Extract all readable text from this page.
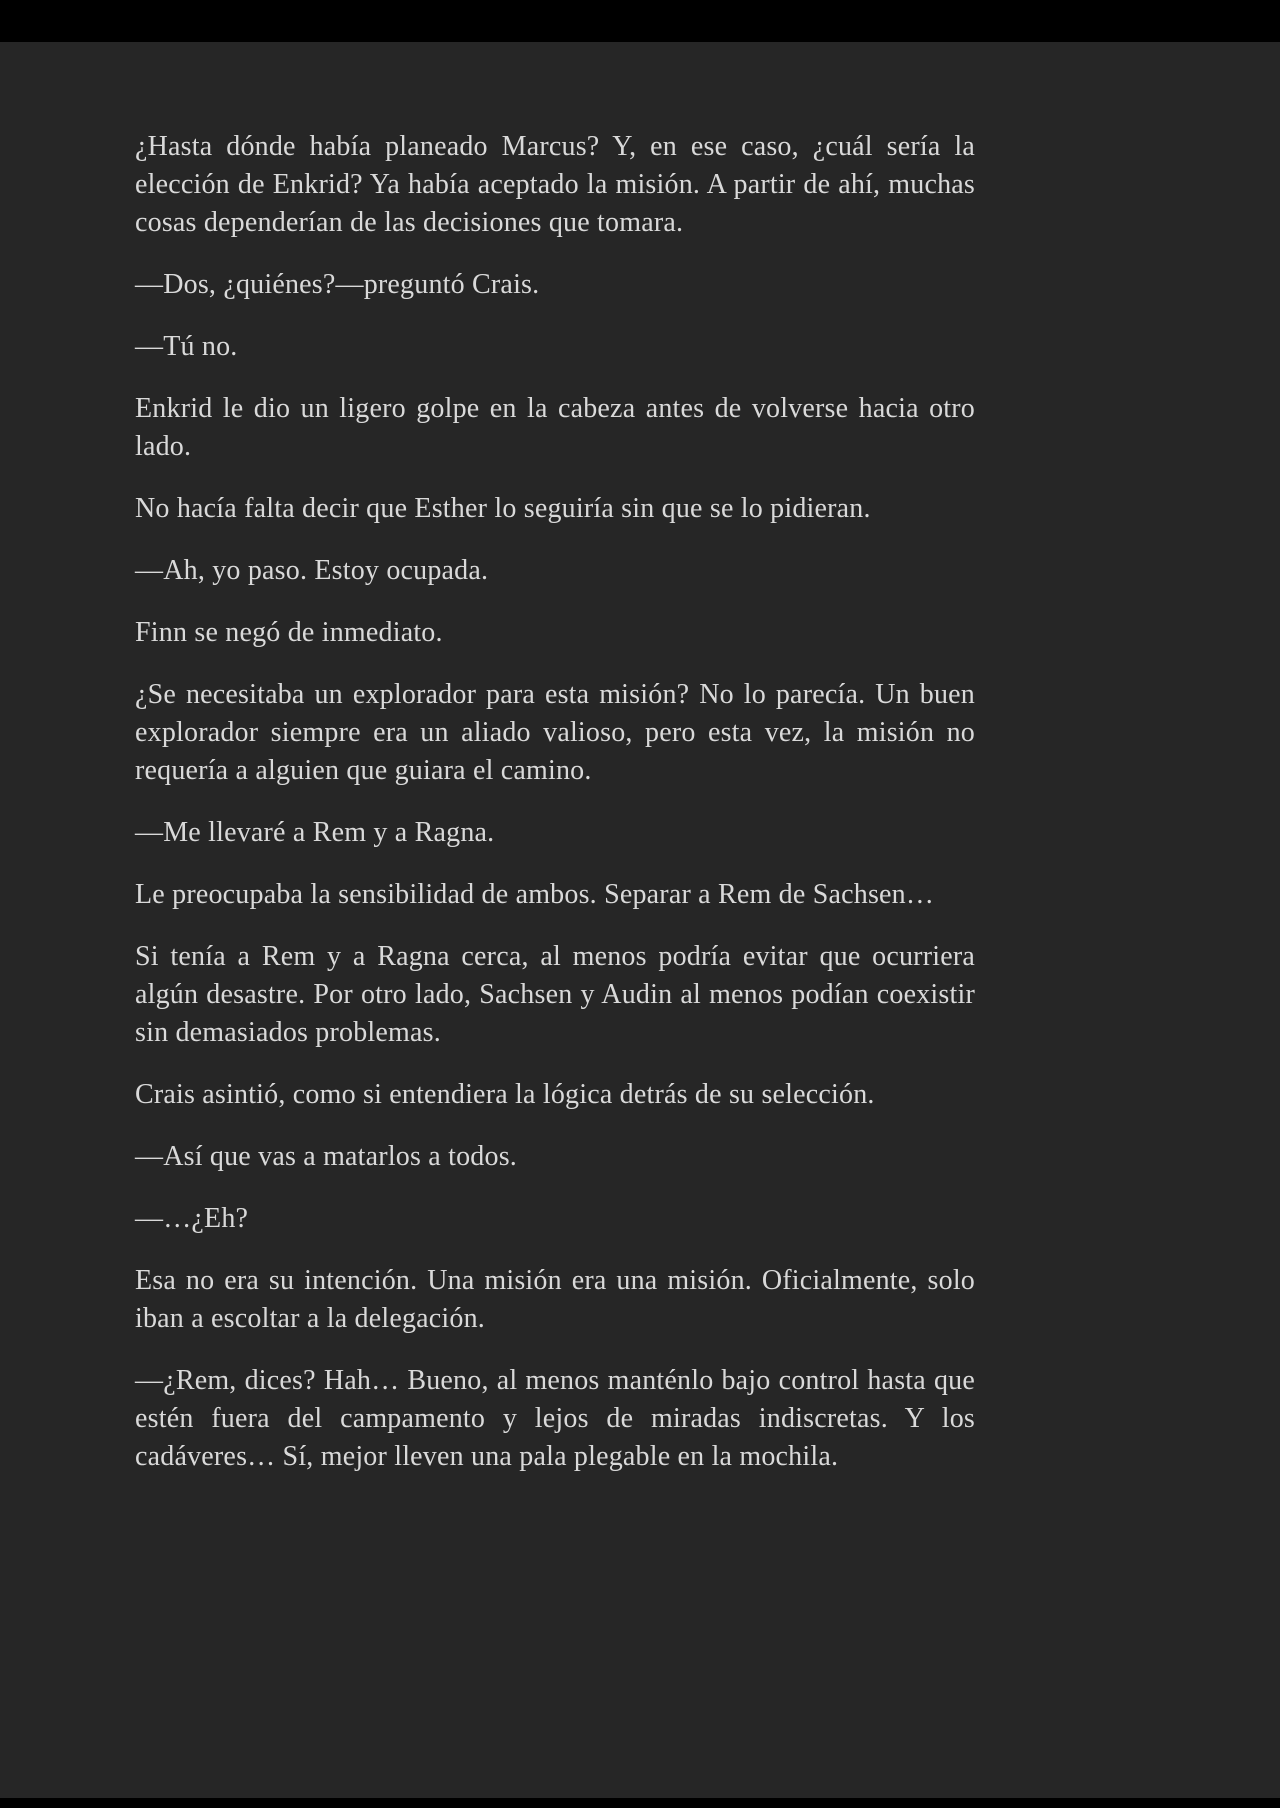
¿Hasta dónde había planeado Marcus? Y, en ese caso, ¿cuál sería la elección de Enkrid? Ya había aceptado la misión. A partir de ahí, muchas cosas dependerían de las decisiones que tomara.

—Dos, ¿quiénes?—preguntó Crais.

—Tú no.

Enkrid le dio un ligero golpe en la cabeza antes de volverse hacia otro lado.

No hacía falta decir que Esther lo seguiría sin que se lo pidieran.

—Ah, yo paso. Estoy ocupada.

Finn se negó de inmediato.

¿Se necesitaba un explorador para esta misión? No lo parecía. Un buen explorador siempre era un aliado valioso, pero esta vez, la misión no requería a alguien que guiara el camino.

—Me llevaré a Rem y a Ragna.

Le preocupaba la sensibilidad de ambos. Separar a Rem de Sachsen…

Si tenía a Rem y a Ragna cerca, al menos podría evitar que ocurriera algún desastre. Por otro lado, Sachsen y Audin al menos podían coexistir sin demasiados problemas.

Crais asintió, como si entendiera la lógica detrás de su selección.

—Así que vas a matarlos a todos.

—…¿Eh?

Esa no era su intención. Una misión era una misión. Oficialmente, solo iban a escoltar a la delegación.

—¿Rem, dices? Hah… Bueno, al menos manténlo bajo control hasta que estén fuera del campamento y lejos de miradas indiscretas. Y los cadáveres… Sí, mejor lleven una pala plegable en la mochila.
